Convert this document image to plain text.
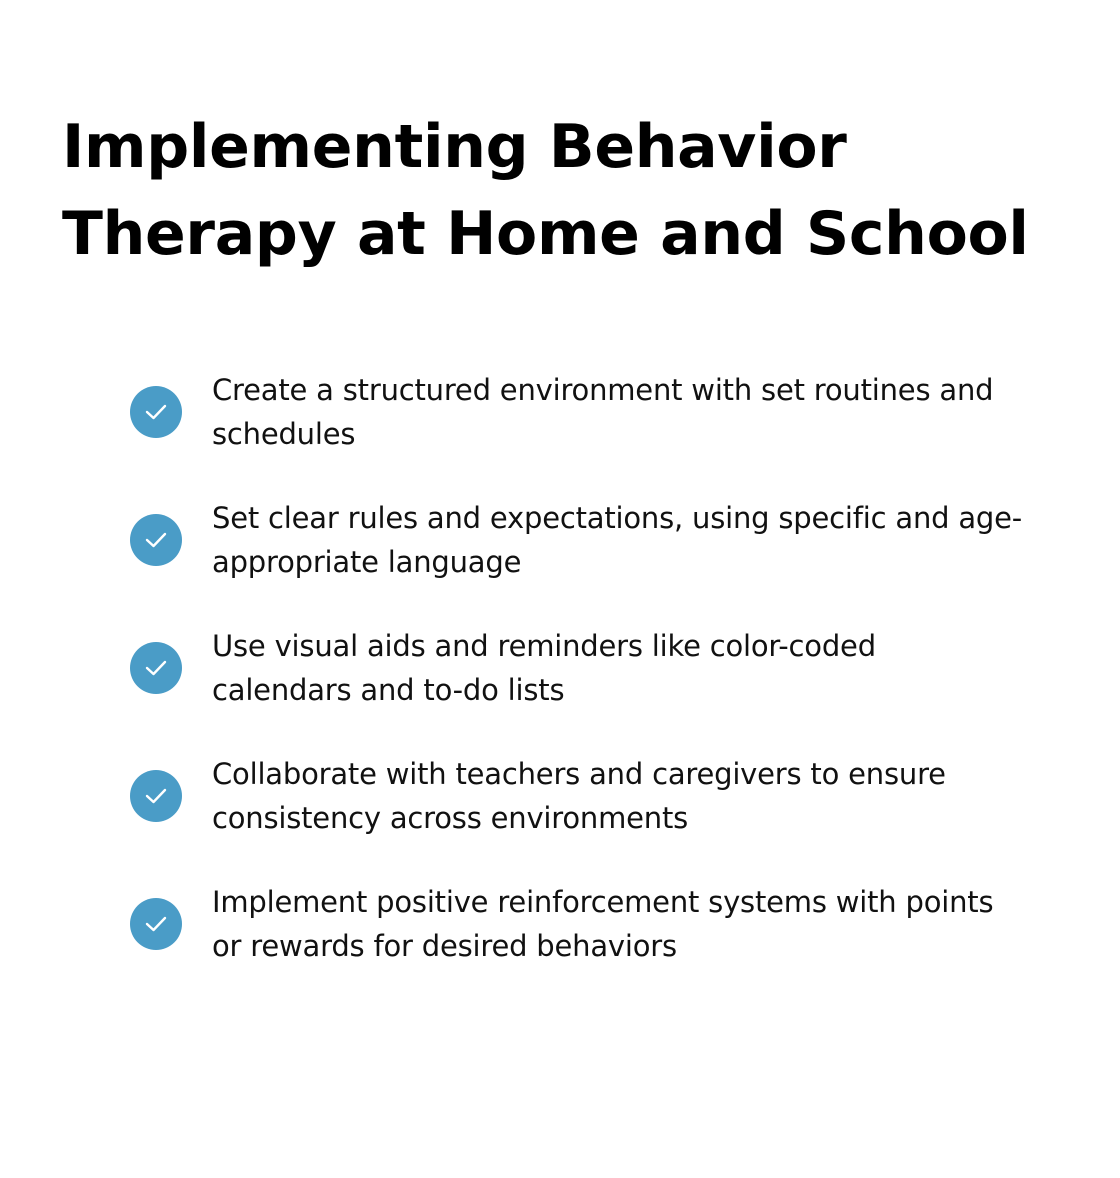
Implementing Behavior
Therapy at Home and School
Create a structured environment with set routines and
schedules
Set clear rules and expectations, using specific and age-
appropriate language
Use visual aids and reminders like color-coded
calendars and to-do lists
Collaborate with teachers and caregivers to ensure
consistency across environments
Implement positive reinforcement systems with points
or rewards for desired behaviors
